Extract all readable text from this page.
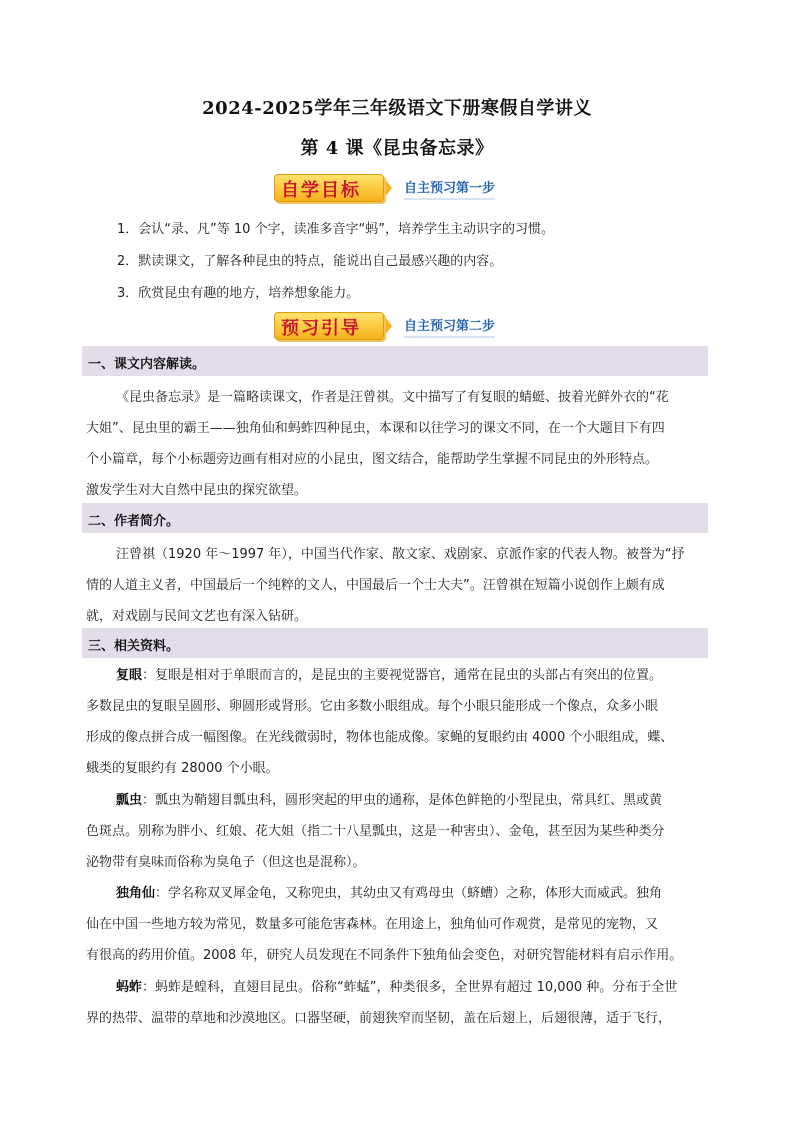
2024-2025学年三年级语文下册寒假自学讲义
第 4 课《昆虫备忘录》
自学目标	自主预习第一步
1．会认“录、凡”等 10 个字，读准多音字“蚂”，培养学生主动识字的习惯。
2．默读课文，了解各种昆虫的特点，能说出自己最感兴趣的内容。
3．欣赏昆虫有趣的地方，培养想象能力。
预习引导	自主预习第二步
一、课文内容解读。
《昆虫备忘录》是一篇略读课文，作者是汪曾祺。文中描写了有复眼的蜻蜓、披着光鲜外衣的“花
大姐”、昆虫里的霸王——独角仙和蚂蚱四种昆虫，本课和以往学习的课文不同，在一个大题目下有四
个小篇章，每个小标题旁边画有相对应的小昆虫，图文结合，能帮助学生掌握不同昆虫的外形特点。
激发学生对大自然中昆虫的探究欲望。
二、作者简介。
汪曾祺（1920 年～1997 年），中国当代作家、散文家、戏剧家、京派作家的代表人物。被誉为“抒
情的人道主义者，中国最后一个纯粹的文人，中国最后一个士大夫”。汪曾祺在短篇小说创作上颇有成
就，对戏剧与民间文艺也有深入钻研。
三、相关资料。
复眼：复眼是相对于单眼而言的，是昆虫的主要视觉器官，通常在昆虫的头部占有突出的位置。
多数昆虫的复眼呈圆形、卵圆形或肾形。它由多数小眼组成。每个小眼只能形成一个像点，众多小眼
形成的像点拼合成一幅图像。在光线微弱时，物体也能成像。家蝇的复眼约由 4000 个小眼组成，蝶、
蛾类的复眼约有 28000 个小眼。
瓢虫：瓢虫为鞘翅目瓢虫科，圆形突起的甲虫的通称，是体色鲜艳的小型昆虫，常具红、黑或黄
色斑点。别称为胖小、红娘、花大姐（指二十八星瓢虫，这是一种害虫）、金龟，甚至因为某些种类分
泌物带有臭味而俗称为臭龟子（但这也是混称）。
独角仙：学名称双叉犀金龟，又称兜虫，其幼虫又有鸡母虫（蛴螬）之称，体形大而威武。独角
仙在中国一些地方较为常见，数量多可能危害森林。在用途上，独角仙可作观赏，是常见的宠物，又
有很高的药用价值。2008 年，研究人员发现在不同条件下独角仙会变色，对研究智能材料有启示作用。
蚂蚱：蚂蚱是蝗科，直翅目昆虫。俗称“蚱蜢”，种类很多，全世界有超过 10,000 种。分布于全世
界的热带、温带的草地和沙漠地区。口器坚硬，前翅狭窄而坚韧，盖在后翅上，后翅很薄，适于飞行，
